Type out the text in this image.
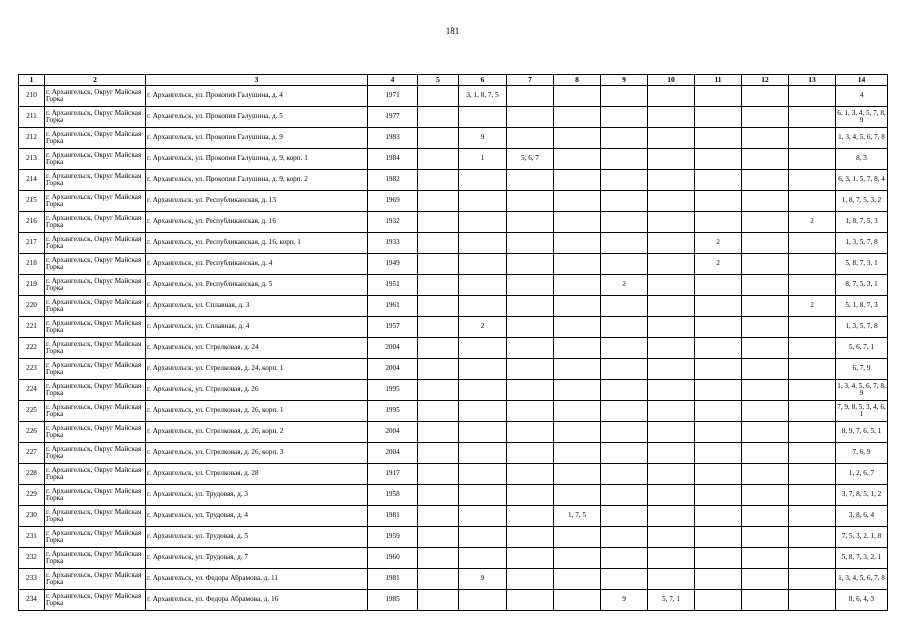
181
1	2	3	4	5	6	7	8	9	10	11	12	13	14
210	г. Архангельск, Округ Майская Горка	г. Архангельск, ул. Прокопия Галушина, д. 4	1971		3, 1, 8, 7, 5								4
211	г. Архангельск, Округ Майская Горка	г. Архангельск, ул. Прокопия Галушина, д. 5	1977										6, 1, 3, 4, 5, 7, 8, 9
212	г. Архангельск, Округ Майская Горка	г. Архангельск, ул. Прокопия Галушина, д. 9	1983		9								1, 3, 4, 5, 6, 7, 8
213	г. Архангельск, Округ Майская Горка	г. Архангельск, ул. Прокопия Галушина, д. 9, корп. 1	1984		1	5, 6, 7							8, 3
214	г. Архангельск, Округ Майская Горка	г. Архангельск, ул. Прокопия Галушина, д. 9, корп. 2	1982										6, 3, 1, 5, 7, 8, 4
215	г. Архангельск, Округ Майская Горка	г. Архангельск, ул. Республиканская, д. 13	1969										1, 8, 7, 5, 3, 2
216	г. Архангельск, Округ Майская Горка	г. Архангельск, ул. Республиканская, д. 16	1932									2	1, 8, 7, 5, 3
217	г. Архангельск, Округ Майская Горка	г. Архангельск, ул. Республиканская, д. 16, корп. 1	1933							2			1, 3, 5, 7, 8
218	г. Архангельск, Округ Майская Горка	г. Архангельск, ул. Республиканская, д. 4	1949							2			5, 8, 7, 3, 1
219	г. Архангельск, Округ Майская Горка	г. Архангельск, ул. Республиканская, д. 5	1951					2					8, 7, 5, 3, 1
220	г. Архангельск, Округ Майская Горка	г. Архангельск, ул. Сплавная, д. 3	1961									2	5, 1, 8, 7, 3
221	г. Архангельск, Округ Майская Горка	г. Архангельск, ул. Сплавная, д. 4	1957		2								1, 3, 5, 7, 8
222	г. Архангельск, Округ Майская Горка	г. Архангельск, ул. Стрелковая, д. 24	2004										5, 6, 7, 1
223	г. Архангельск, Округ Майская Горка	г. Архангельск, ул. Стрелковая, д. 24, корп. 1	2004										6, 7, 9
224	г. Архангельск, Округ Майская Горка	г. Архангельск, ул. Стрелковая, д. 26	1995										1, 3, 4, 5, 6, 7, 8, 9
225	г. Архангельск, Округ Майская Горка	г. Архангельск, ул. Стрелковая, д. 26, корп. 1	1995										7, 9, 8, 5, 3, 4, 6, 1
226	г. Архангельск, Округ Майская Горка	г. Архангельск, ул. Стрелковая, д. 26, корп. 2	2004										8, 9, 7, 6, 5, 1
227	г. Архангельск, Округ Майская Горка	г. Архангельск, ул. Стрелковая, д. 26, корп. 3	2004										7, 6, 9
228	г. Архангельск, Округ Майская Горка	г. Архангельск, ул. Стрелковая, д. 28	1917										1, 2, 6, 7
229	г. Архангельск, Округ Майская Горка	г. Архангельск, ул. Трудовая, д. 3	1958										3, 7, 8, 5, 1, 2
230	г. Архангельск, Округ Майская Горка	г. Архангельск, ул. Трудовая, д. 4	1981				1, 7, 5						3, 8, 6, 4
231	г. Архангельск, Округ Майская Горка	г. Архангельск, ул. Трудовая, д. 5	1959										7, 5, 3, 2, 1, 8
232	г. Архангельск, Округ Майская Горка	г. Архангельск, ул. Трудовая, д. 7	1960										5, 8, 7, 3, 2, 1
233	г. Архангельск, Округ Майская Горка	г. Архангельск, ул. Федора Абрамова, д. 11	1981		9								1, 3, 4, 5, 6, 7, 8
234	г. Архангельск, Округ Майская Горка	г. Архангельск, ул. Федора Абрамова, д. 16	1985					9	5, 7, 1				8, 6, 4, 3
